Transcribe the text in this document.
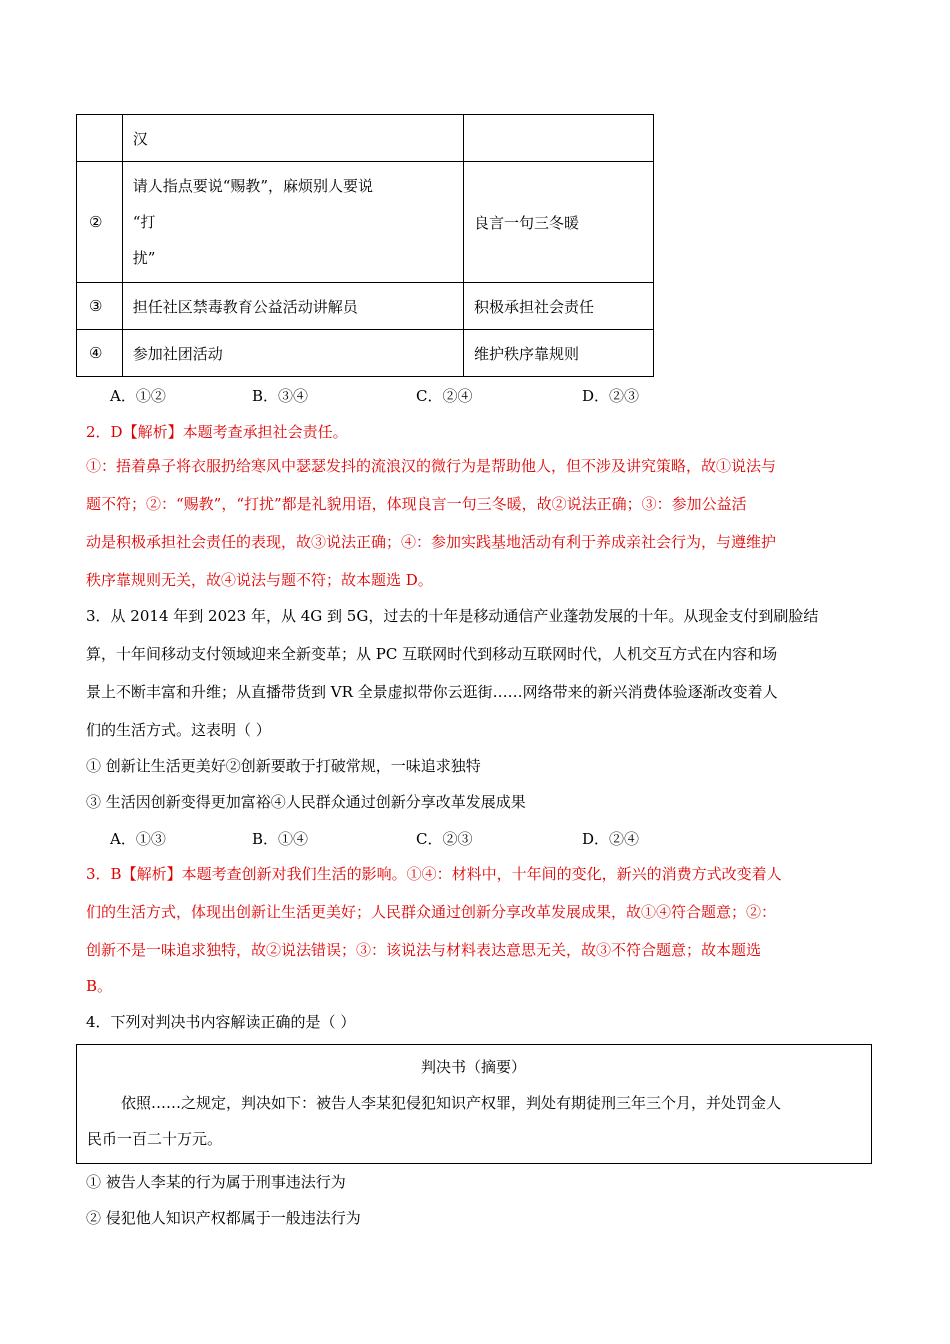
	汉	
②	请人指点要说“赐教”，麻烦别人要说
“打
扰”	良言一句三冬暖
③	担任社区禁毒教育公益活动讲解员	积极承担社会责任
④	参加社团活动	维护秩序靠规则
A．①②	B．③④	C．②④	D．②③
2．D【解析】本题考查承担社会责任。
①：捂着鼻子将衣服扔给寒风中瑟瑟发抖的流浪汉的微行为是帮助他人，但不涉及讲究策略，故①说法与
题不符；②：“赐教”，“打扰”都是礼貌用语，体现良言一句三冬暖，故②说法正确；③：参加公益活
动是积极承担社会责任的表现，故③说法正确；④：参加实践基地活动有利于养成亲社会行为，与遵维护
秩序靠规则无关，故④说法与题不符；故本题选 D。
3．从 2014 年到 2023 年，从 4G 到 5G，过去的十年是移动通信产业蓬勃发展的十年。从现金支付到刷脸结
算，十年间移动支付领域迎来全新变革；从 PC 互联网时代到移动互联网时代，人机交互方式在内容和场
景上不断丰富和升维；从直播带货到 VR 全景虚拟带你云逛街……网络带来的新兴消费体验逐渐改变着人
们的生活方式。这表明（ ）
① 创新让生活更美好②创新要敢于打破常规，一味追求独特
③ 生活因创新变得更加富裕④人民群众通过创新分享改革发展成果
A．①③	B．①④	C．②③	D．②④
3．B【解析】本题考查创新对我们生活的影响。①④：材料中，十年间的变化，新兴的消费方式改变着人
们的生活方式，体现出创新让生活更美好；人民群众通过创新分享改革发展成果，故①④符合题意；②：
创新不是一味追求独特，故②说法错误；③：该说法与材料表达意思无关，故③不符合题意；故本题选
B。
4．下列对判决书内容解读正确的是（ ）
判决书（摘要）
依照……之规定，判决如下：被告人李某犯侵犯知识产权罪，判处有期徒刑三年三个月，并处罚金人
民币一百二十万元。
① 被告人李某的行为属于刑事违法行为
② 侵犯他人知识产权都属于一般违法行为
